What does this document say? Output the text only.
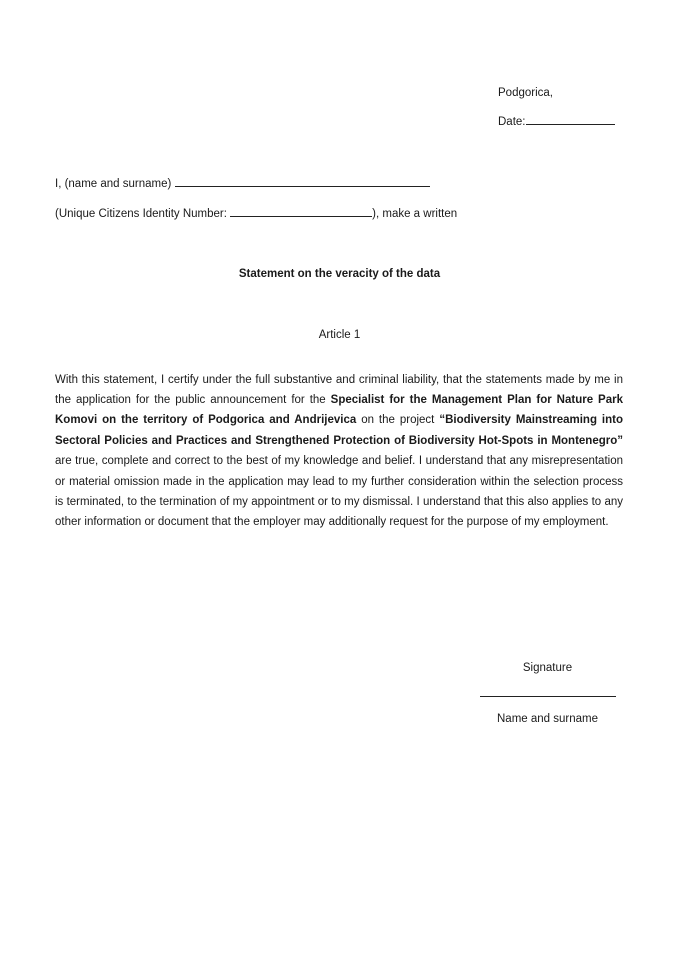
Podgorica,
Date:
I, (name and surname)
(Unique Citizens Identity Number:	), make a written
Statement on the veracity of the data
Article 1

With this statement, I certify under the full substantive and criminal liability, that the statements made by me in the application for the public announcement for the Specialist for the Management Plan for Nature Park Komovi on the territory of Podgorica and Andrijevica on the project “Biodiversity Mainstreaming into Sectoral Policies and Practices and Strengthened Protection of Biodiversity Hot-Spots in Montenegro” are true, complete and correct to the best of my knowledge and belief. I understand that any misrepresentation or material omission made in the application may lead to my further consideration within the selection process is terminated, to the termination of my appointment or to my dismissal. I understand that this also applies to any other information or document that the employer may additionally request for the purpose of my employment.

Signature
Name and surname
